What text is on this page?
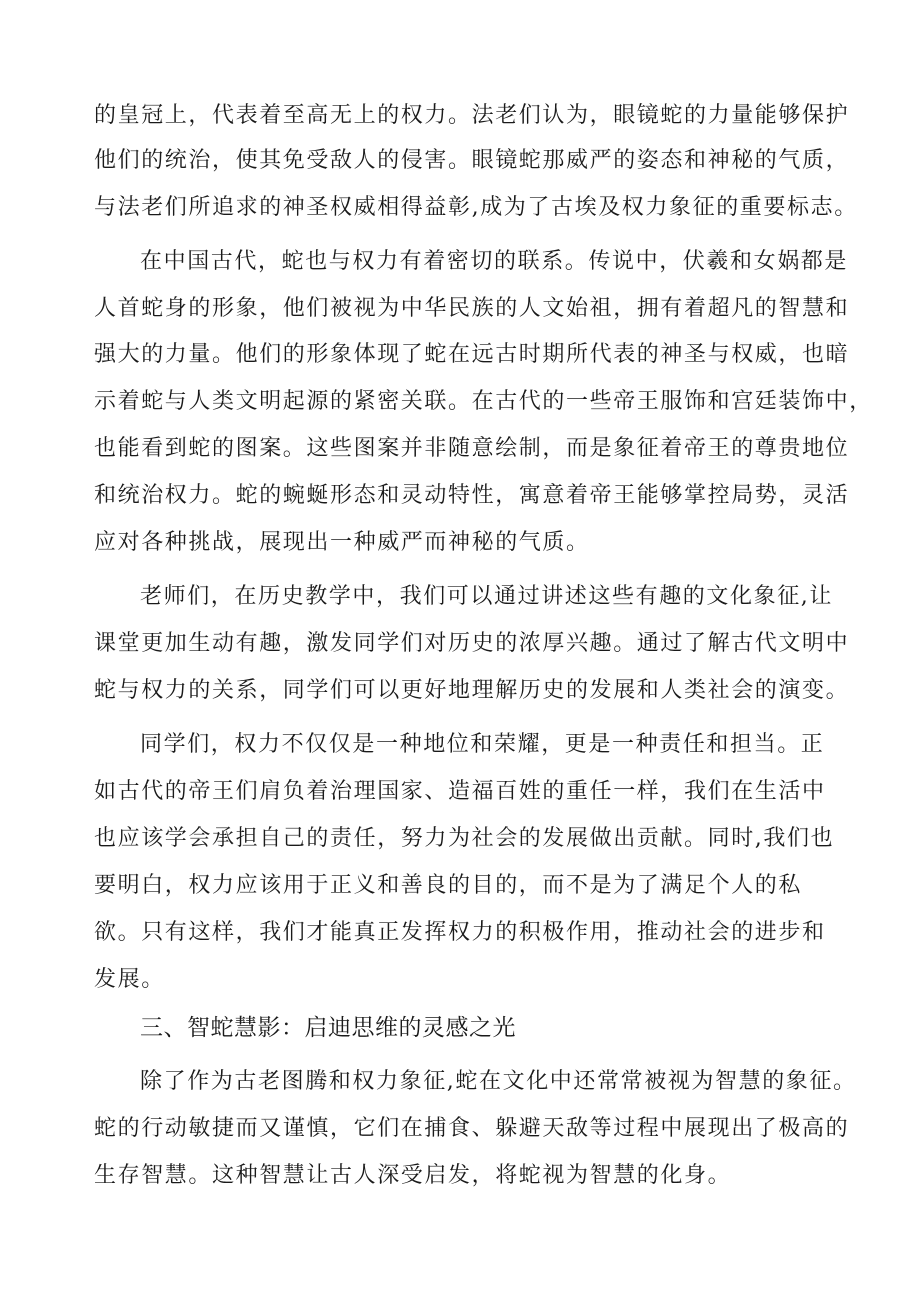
的皇冠上，代表着至高无上的权力。法老们认为，眼镜蛇的力量能够保护
他们的统治，使其免受敌人的侵害。眼镜蛇那威严的姿态和神秘的气质，
与法老们所追求的神圣权威相得益彰,成为了古埃及权力象征的重要标志。
在中国古代，蛇也与权力有着密切的联系。传说中，伏羲和女娲都是
人首蛇身的形象，他们被视为中华民族的人文始祖，拥有着超凡的智慧和
强大的力量。他们的形象体现了蛇在远古时期所代表的神圣与权威，也暗
示着蛇与人类文明起源的紧密关联。在古代的一些帝王服饰和宫廷装饰中，
也能看到蛇的图案。这些图案并非随意绘制，而是象征着帝王的尊贵地位
和统治权力。蛇的蜿蜒形态和灵动特性，寓意着帝王能够掌控局势，灵活
应对各种挑战，展现出一种威严而神秘的气质。
老师们，在历史教学中，我们可以通过讲述这些有趣的文化象征,让
课堂更加生动有趣，激发同学们对历史的浓厚兴趣。通过了解古代文明中
蛇与权力的关系，同学们可以更好地理解历史的发展和人类社会的演变。
同学们，权力不仅仅是一种地位和荣耀，更是一种责任和担当。正
如古代的帝王们肩负着治理国家、造福百姓的重任一样，我们在生活中
也应该学会承担自己的责任，努力为社会的发展做出贡献。同时,我们也
要明白，权力应该用于正义和善良的目的，而不是为了满足个人的私
欲。只有这样，我们才能真正发挥权力的积极作用，推动社会的进步和
发展。
三、智蛇慧影：启迪思维的灵感之光
除了作为古老图腾和权力象征,蛇在文化中还常常被视为智慧的象征。
蛇的行动敏捷而又谨慎，它们在捕食、躲避天敌等过程中展现出了极高的
生存智慧。这种智慧让古人深受启发，将蛇视为智慧的化身。
